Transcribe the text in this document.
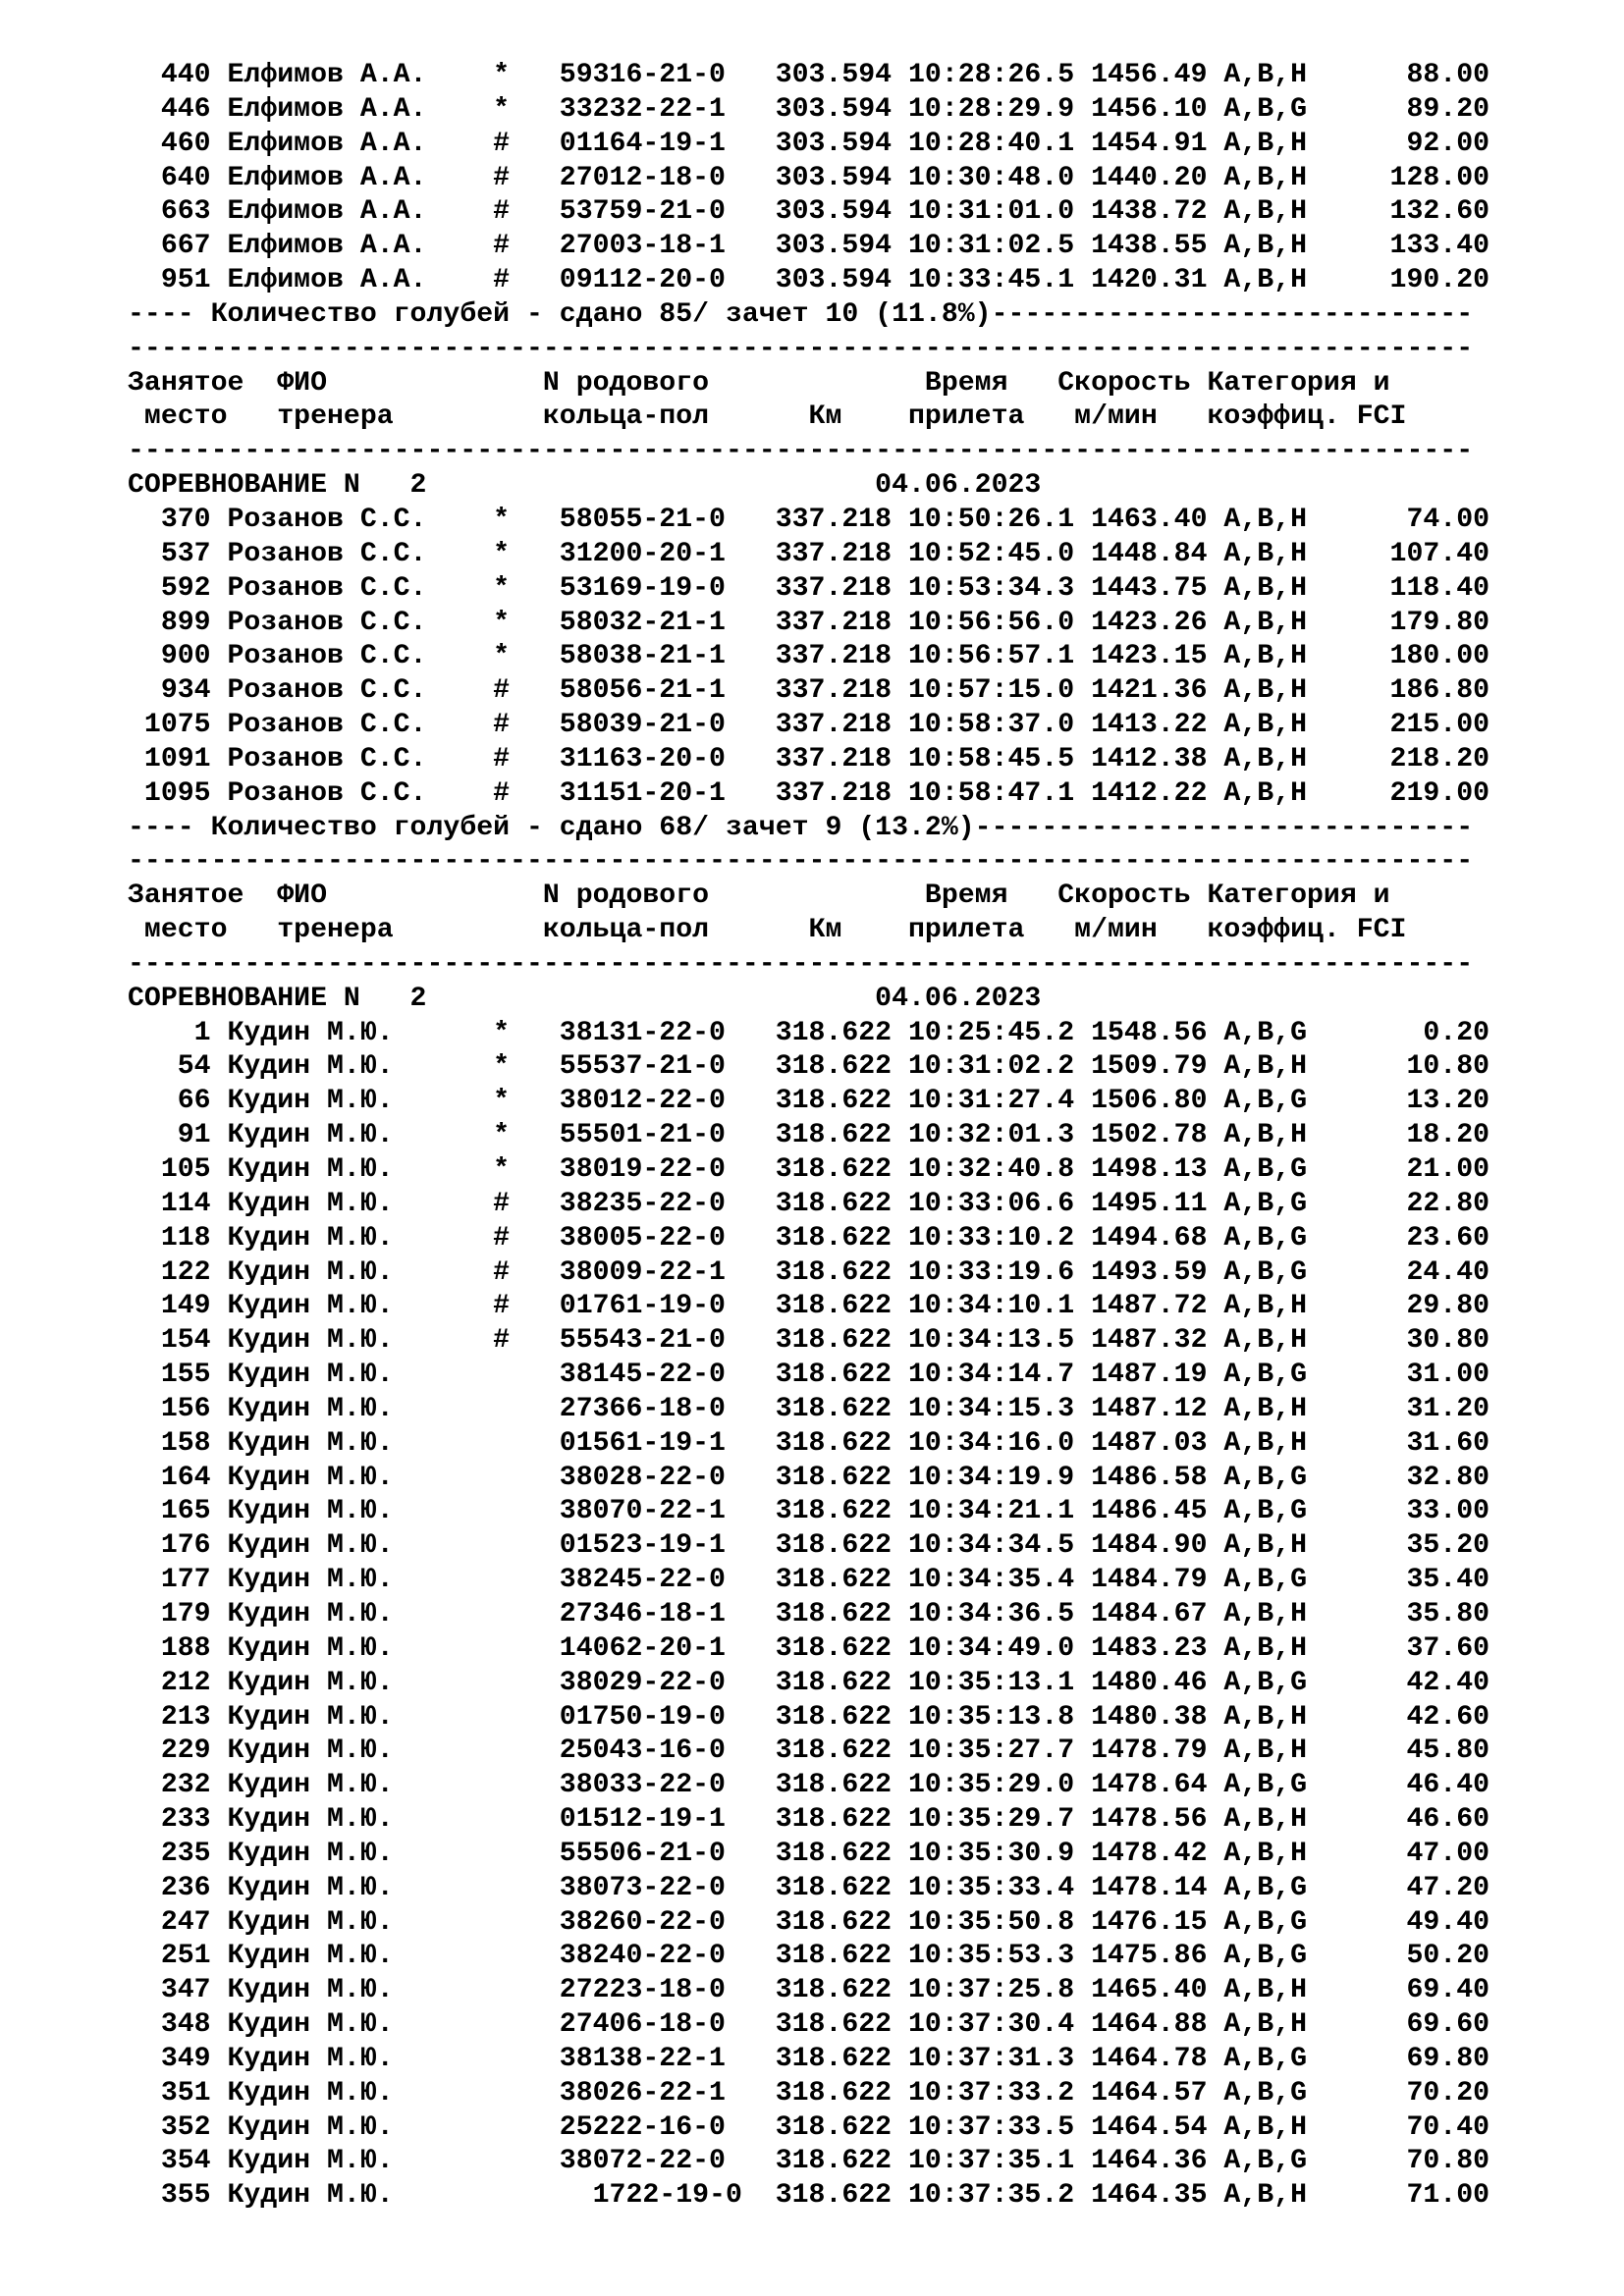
440 Елфимов А.А.    *   59316-21-0   303.594 10:28:26.5 1456.49 A,B,H      88.00
446 Елфимов А.А.    *   33232-22-1   303.594 10:28:29.9 1456.10 A,B,G      89.20
460 Елфимов А.А.    #   01164-19-1   303.594 10:28:40.1 1454.91 A,B,H      92.00
640 Елфимов А.А.    #   27012-18-0   303.594 10:30:48.0 1440.20 A,B,H     128.00
663 Елфимов А.А.    #   53759-21-0   303.594 10:31:01.0 1438.72 A,B,H     132.60
667 Елфимов А.А.    #   27003-18-1   303.594 10:31:02.5 1438.55 A,B,H     133.40
951 Елфимов А.А.    #   09112-20-0   303.594 10:33:45.1 1420.31 A,B,H     190.20
---- Количество голубей - сдано 85/ зачет 10 (11.8%)-----------------------------
---------------------------------------------------------------------------------
Занятое  ФИО             N родового             Время   Скорость Категория и
место   тренера         кольца-пол      Км    прилета   м/мин   коэффиц. FCI
---------------------------------------------------------------------------------
СОРЕВНОВАНИЕ N   2                           04.06.2023
370 Розанов С.С.    *   58055-21-0   337.218 10:50:26.1 1463.40 A,B,H      74.00
537 Розанов С.С.    *   31200-20-1   337.218 10:52:45.0 1448.84 A,B,H     107.40
592 Розанов С.С.    *   53169-19-0   337.218 10:53:34.3 1443.75 A,B,H     118.40
899 Розанов С.С.    *   58032-21-1   337.218 10:56:56.0 1423.26 A,B,H     179.80
900 Розанов С.С.    *   58038-21-1   337.218 10:56:57.1 1423.15 A,B,H     180.00
934 Розанов С.С.    #   58056-21-1   337.218 10:57:15.0 1421.36 A,B,H     186.80
1075 Розанов С.С.    #   58039-21-0   337.218 10:58:37.0 1413.22 A,B,H     215.00
1091 Розанов С.С.    #   31163-20-0   337.218 10:58:45.5 1412.38 A,B,H     218.20
1095 Розанов С.С.    #   31151-20-1   337.218 10:58:47.1 1412.22 A,B,H     219.00
---- Количество голубей - сдано 68/ зачет 9 (13.2%)------------------------------
---------------------------------------------------------------------------------
Занятое  ФИО             N родового             Время   Скорость Категория и
место   тренера         кольца-пол      Км    прилета   м/мин   коэффиц. FCI
---------------------------------------------------------------------------------
СОРЕВНОВАНИЕ N   2                           04.06.2023
1 Кудин М.Ю.      *   38131-22-0   318.622 10:25:45.2 1548.56 A,B,G       0.20
54 Кудин М.Ю.      *   55537-21-0   318.622 10:31:02.2 1509.79 A,B,H      10.80
66 Кудин М.Ю.      *   38012-22-0   318.622 10:31:27.4 1506.80 A,B,G      13.20
91 Кудин М.Ю.      *   55501-21-0   318.622 10:32:01.3 1502.78 A,B,H      18.20
105 Кудин М.Ю.      *   38019-22-0   318.622 10:32:40.8 1498.13 A,B,G      21.00
114 Кудин М.Ю.      #   38235-22-0   318.622 10:33:06.6 1495.11 A,B,G      22.80
118 Кудин М.Ю.      #   38005-22-0   318.622 10:33:10.2 1494.68 A,B,G      23.60
122 Кудин М.Ю.      #   38009-22-1   318.622 10:33:19.6 1493.59 A,B,G      24.40
149 Кудин М.Ю.      #   01761-19-0   318.622 10:34:10.1 1487.72 A,B,H      29.80
154 Кудин М.Ю.      #   55543-21-0   318.622 10:34:13.5 1487.32 A,B,H      30.80
155 Кудин М.Ю.          38145-22-0   318.622 10:34:14.7 1487.19 A,B,G      31.00
156 Кудин М.Ю.          27366-18-0   318.622 10:34:15.3 1487.12 A,B,H      31.20
158 Кудин М.Ю.          01561-19-1   318.622 10:34:16.0 1487.03 A,B,H      31.60
164 Кудин М.Ю.          38028-22-0   318.622 10:34:19.9 1486.58 A,B,G      32.80
165 Кудин М.Ю.          38070-22-1   318.622 10:34:21.1 1486.45 A,B,G      33.00
176 Кудин М.Ю.          01523-19-1   318.622 10:34:34.5 1484.90 A,B,H      35.20
177 Кудин М.Ю.          38245-22-0   318.622 10:34:35.4 1484.79 A,B,G      35.40
179 Кудин М.Ю.          27346-18-1   318.622 10:34:36.5 1484.67 A,B,H      35.80
188 Кудин М.Ю.          14062-20-1   318.622 10:34:49.0 1483.23 A,B,H      37.60
212 Кудин М.Ю.          38029-22-0   318.622 10:35:13.1 1480.46 A,B,G      42.40
213 Кудин М.Ю.          01750-19-0   318.622 10:35:13.8 1480.38 A,B,H      42.60
229 Кудин М.Ю.          25043-16-0   318.622 10:35:27.7 1478.79 A,B,H      45.80
232 Кудин М.Ю.          38033-22-0   318.622 10:35:29.0 1478.64 A,B,G      46.40
233 Кудин М.Ю.          01512-19-1   318.622 10:35:29.7 1478.56 A,B,H      46.60
235 Кудин М.Ю.          55506-21-0   318.622 10:35:30.9 1478.42 A,B,H      47.00
236 Кудин М.Ю.          38073-22-0   318.622 10:35:33.4 1478.14 A,B,G      47.20
247 Кудин М.Ю.          38260-22-0   318.622 10:35:50.8 1476.15 A,B,G      49.40
251 Кудин М.Ю.          38240-22-0   318.622 10:35:53.3 1475.86 A,B,G      50.20
347 Кудин М.Ю.          27223-18-0   318.622 10:37:25.8 1465.40 A,B,H      69.40
348 Кудин М.Ю.          27406-18-0   318.622 10:37:30.4 1464.88 A,B,H      69.60
349 Кудин М.Ю.          38138-22-1   318.622 10:37:31.3 1464.78 A,B,G      69.80
351 Кудин М.Ю.          38026-22-1   318.622 10:37:33.2 1464.57 A,B,G      70.20
352 Кудин М.Ю.          25222-16-0   318.622 10:37:33.5 1464.54 A,B,H      70.40
354 Кудин М.Ю.          38072-22-0   318.622 10:37:35.1 1464.36 A,B,G      70.80
355 Кудин М.Ю.            1722-19-0  318.622 10:37:35.2 1464.35 A,B,H      71.00
